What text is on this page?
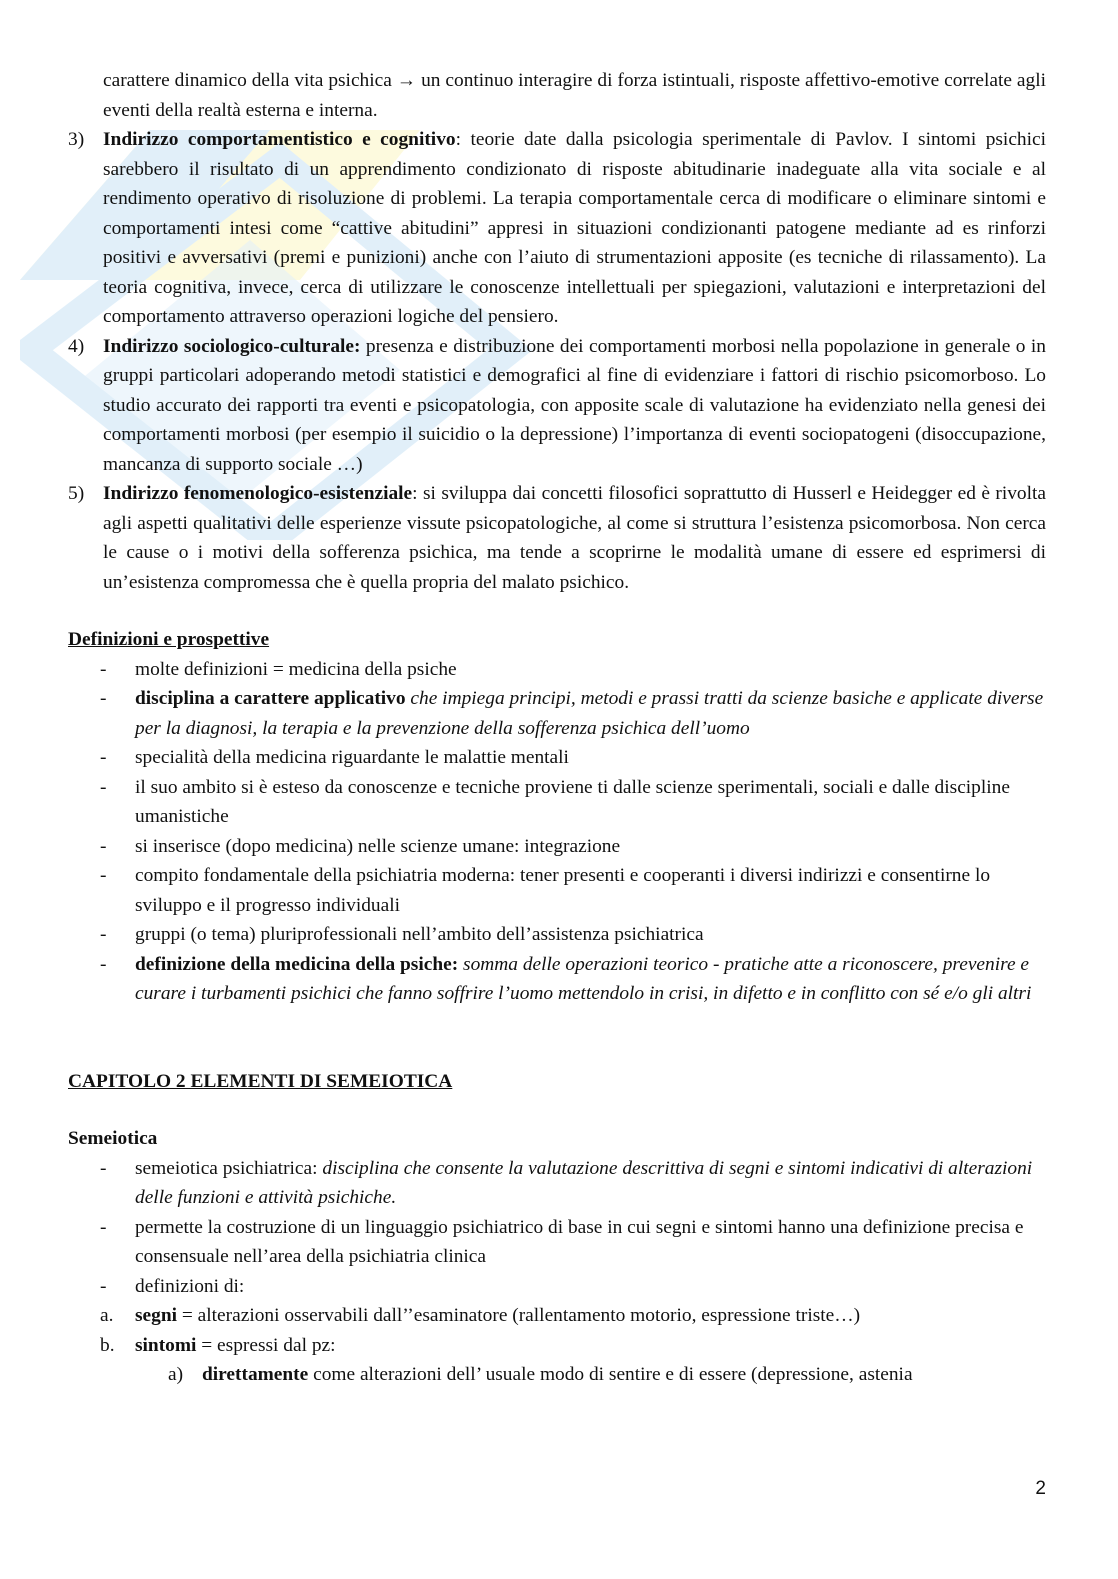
carattere dinamico della vita psichica → un continuo interagire di forza istintuali, risposte affettivo-emotive correlate agli eventi della realtà esterna e interna.
3) Indirizzo comportamentistico e cognitivo: teorie date dalla psicologia sperimentale di Pavlov. I sintomi psichici sarebbero il risultato di un apprendimento condizionato di risposte abitudinarie inadeguate alla vita sociale e al rendimento operativo di risoluzione di problemi. La terapia comportamentale cerca di modificare o eliminare sintomi e comportamenti intesi come “cattive abitudini” appresi in situazioni condizionanti patogene mediante ad es rinforzi positivi e avversativi (premi e punizioni) anche con l’aiuto di strumentazioni apposite (es tecniche di rilassamento). La teoria cognitiva, invece, cerca di utilizzare le conoscenze intellettuali per spiegazioni, valutazioni e interpretazioni del comportamento attraverso operazioni logiche del pensiero.
4) Indirizzo sociologico-culturale: presenza e distribuzione dei comportamenti morbosi nella popolazione in generale o in gruppi particolari adoperando metodi statistici e demografici al fine di evidenziare i fattori di rischio psicomorboso. Lo studio accurato dei rapporti tra eventi e psicopatologia, con apposite scale di valutazione ha evidenziato nella genesi dei comportamenti morbosi (per esempio il suicidio o la depressione) l’importanza di eventi sociopatogeni (disoccupazione, mancanza di supporto sociale …)
5) Indirizzo fenomenologico-esistenziale: si sviluppa dai concetti filosofici soprattutto di Husserl e Heidegger ed è rivolta agli aspetti qualitativi delle esperienze vissute psicopatologiche, al come si struttura l’esistenza psicomorbosa. Non cerca le cause o i motivi della sofferenza psichica, ma tende a scoprirne le modalità umane di essere ed esprimersi di un’esistenza compromessa che è quella propria del malato psichico.
Definizioni e prospettive
- molte definizioni = medicina della psiche
- disciplina a carattere applicativo che impiega principi, metodi e prassi tratti da scienze basiche e applicate diverse per la diagnosi, la terapia e la prevenzione della sofferenza psichica dell’uomo
- specialità della medicina riguardante le malattie mentali
- il suo ambito si è esteso da conoscenze e tecniche proviene ti dalle scienze sperimentali, sociali e dalle discipline umanistiche
- si inserisce (dopo medicina) nelle scienze umane: integrazione
- compito fondamentale della psichiatria moderna: tener presenti e cooperanti i diversi indirizzi e consentirne lo sviluppo e il progresso individuali
- gruppi (o tema) pluriprofessionali nell’ambito dell’assistenza psichiatrica
- definizione della medicina della psiche: somma delle operazioni teorico - pratiche atte a riconoscere, prevenire e curare i turbamenti psichici che fanno soffrire l’uomo mettendolo in crisi, in difetto e in conflitto con sé e/o gli altri
CAPITOLO 2 ELEMENTI DI SEMEIOTICA
Semeiotica
- semeiotica psichiatrica: disciplina che consente la valutazione descrittiva di segni e sintomi indicativi di alterazioni delle funzioni e attività psichiche.
- permette la costruzione di un linguaggio psichiatrico di base in cui segni e sintomi hanno una definizione precisa e consensuale nell’area della psichiatria clinica
- definizioni di:
a. segni = alterazioni osservabili dall’’esaminatore (rallentamento motorio, espressione triste…)
b. sintomi = espressi dal pz:
a) direttamente come alterazioni dell’ usuale modo di sentire e di essere (depressione, astenia
2
